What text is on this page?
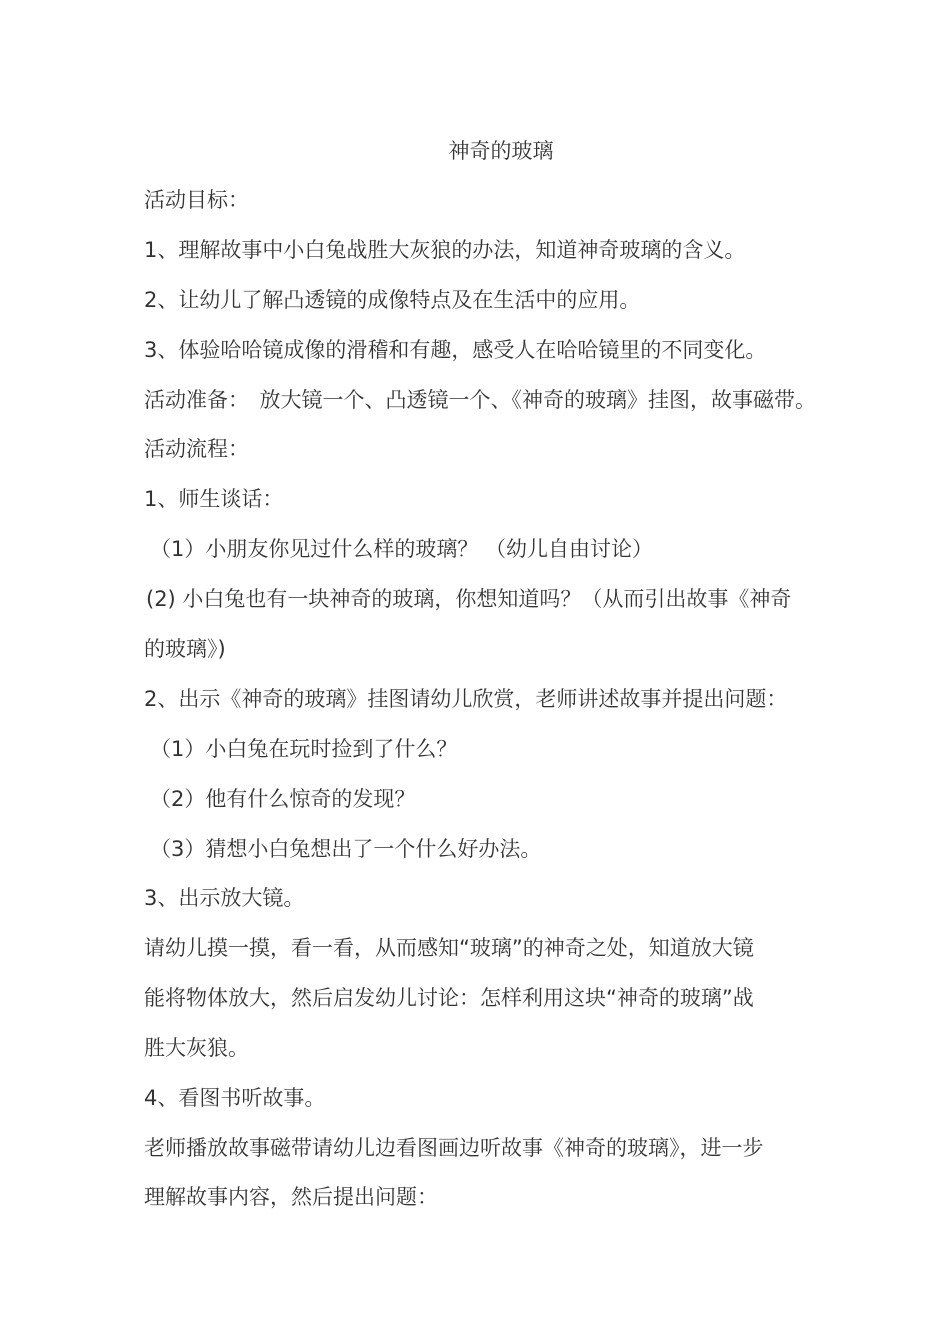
神奇的玻璃
活动目标：
1、理解故事中小白兔战胜大灰狼的办法，知道神奇玻璃的含义。
2、让幼儿了解凸透镜的成像特点及在生活中的应用。
3、体验哈哈镜成像的滑稽和有趣，感受人在哈哈镜里的不同变化。
活动准备：　放大镜一个、凸透镜一个、《神奇的玻璃》挂图，故事磁带。
活动流程：
1、师生谈话：
（1）小朋友你见过什么样的玻璃？ （幼儿自由讨论）
(2) 小白兔也有一块神奇的玻璃，你想知道吗？（从而引出故事《神奇
的玻璃》)
2、出示《神奇的玻璃》挂图请幼儿欣赏，老师讲述故事并提出问题：
（1）小白兔在玩时捡到了什么？
（2）他有什么惊奇的发现？
（3）猜想小白兔想出了一个什么好办法。
3、出示放大镜。
请幼儿摸一摸，看一看，从而感知“玻璃”的神奇之处，知道放大镜
能将物体放大，然后启发幼儿讨论：怎样利用这块“神奇的玻璃”战
胜大灰狼。
4、看图书听故事。
老师播放故事磁带请幼儿边看图画边听故事《神奇的玻璃》，进一步
理解故事内容，然后提出问题：
